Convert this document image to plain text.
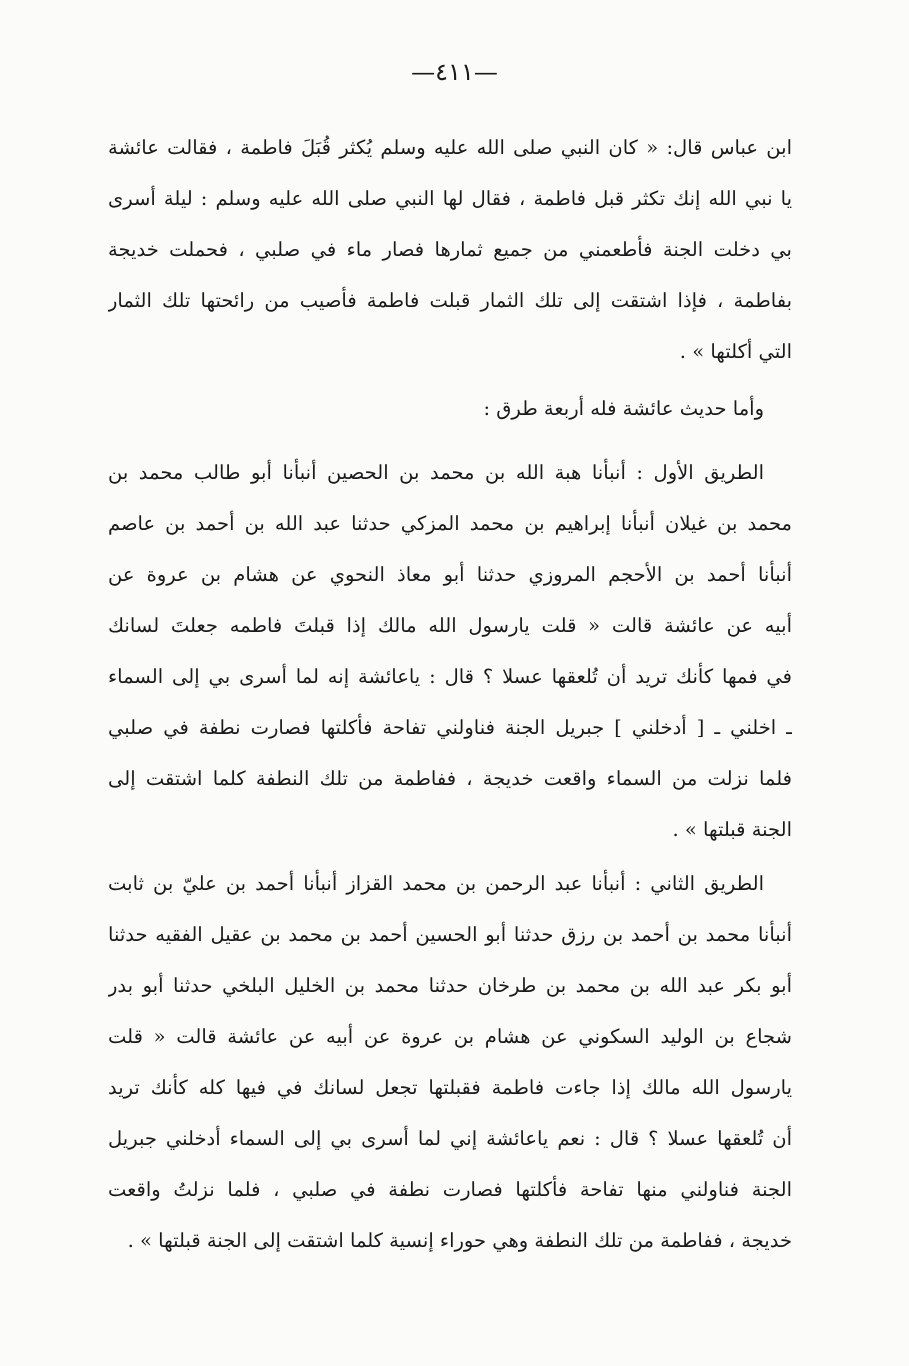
—٤١١—
ابن عباس قال: « كان النبي صلى الله عليه وسلم يُكثر قُبَلَ فاطمة ، فقالت عائشة
يا نبي الله إنك تكثر قبل فاطمة ، فقال لها النبي صلى الله عليه وسلم : ليلة أسرى
بي دخلت الجنة فأطعمني من جميع ثمارها فصار ماء في صلبي ، فحملت خديجة
بفاطمة ، فإذا اشتقت إلى تلك الثمار قبلت فاطمة فأصيب من رائحتها تلك الثمار
التي أكلتها » .
وأما حديث عائشة فله أربعة طرق :
الطريق الأول : أنبأنا هبة الله بن محمد بن الحصين أنبأنا أبو طالب محمد بن
محمد بن غيلان أنبأنا إبراهيم بن محمد المزكي حدثنا عبد الله بن أحمد بن عاصم
أنبأنا أحمد بن الأحجم المروزي حدثنا أبو معاذ النحوي عن هشام بن عروة عن
أبيه عن عائشة قالت « قلت يارسول الله مالك إذا قبلتَ فاطمه جعلتَ لسانك
في فمها كأنك تريد أن تُلعقها عسلا ؟ قال : ياعائشة إنه لما أسرى بي إلى السماء
ـ اخلني ـ [ أدخلني ] جبريل الجنة فناولني تفاحة فأكلتها فصارت نطفة في صلبي
فلما نزلت من السماء واقعت خديجة ، ففاطمة من تلك النطفة كلما اشتقت إلى
الجنة قبلتها » .
الطريق الثاني : أنبأنا عبد الرحمن بن محمد القزاز أنبأنا أحمد بن عليّ بن ثابت
أنبأنا محمد بن أحمد بن رزق حدثنا أبو الحسين أحمد بن محمد بن عقيل الفقيه حدثنا
أبو بكر عبد الله بن محمد بن طرخان حدثنا محمد بن الخليل البلخي حدثنا أبو بدر
شجاع بن الوليد السكوني عن هشام بن عروة عن أبيه عن عائشة قالت « قلت
يارسول الله مالك إذا جاءت فاطمة فقبلتها تجعل لسانك في فيها كله كأنك تريد
أن تُلعقها عسلا ؟ قال : نعم ياعائشة إني لما أسرى بي إلى السماء أدخلني جبريل
الجنة فناولني منها تفاحة فأكلتها فصارت نطفة في صلبي ، فلما نزلتُ واقعت
خديجة ، ففاطمة من تلك النطفة وهي حوراء إنسية كلما اشتقت إلى الجنة قبلتها » .
